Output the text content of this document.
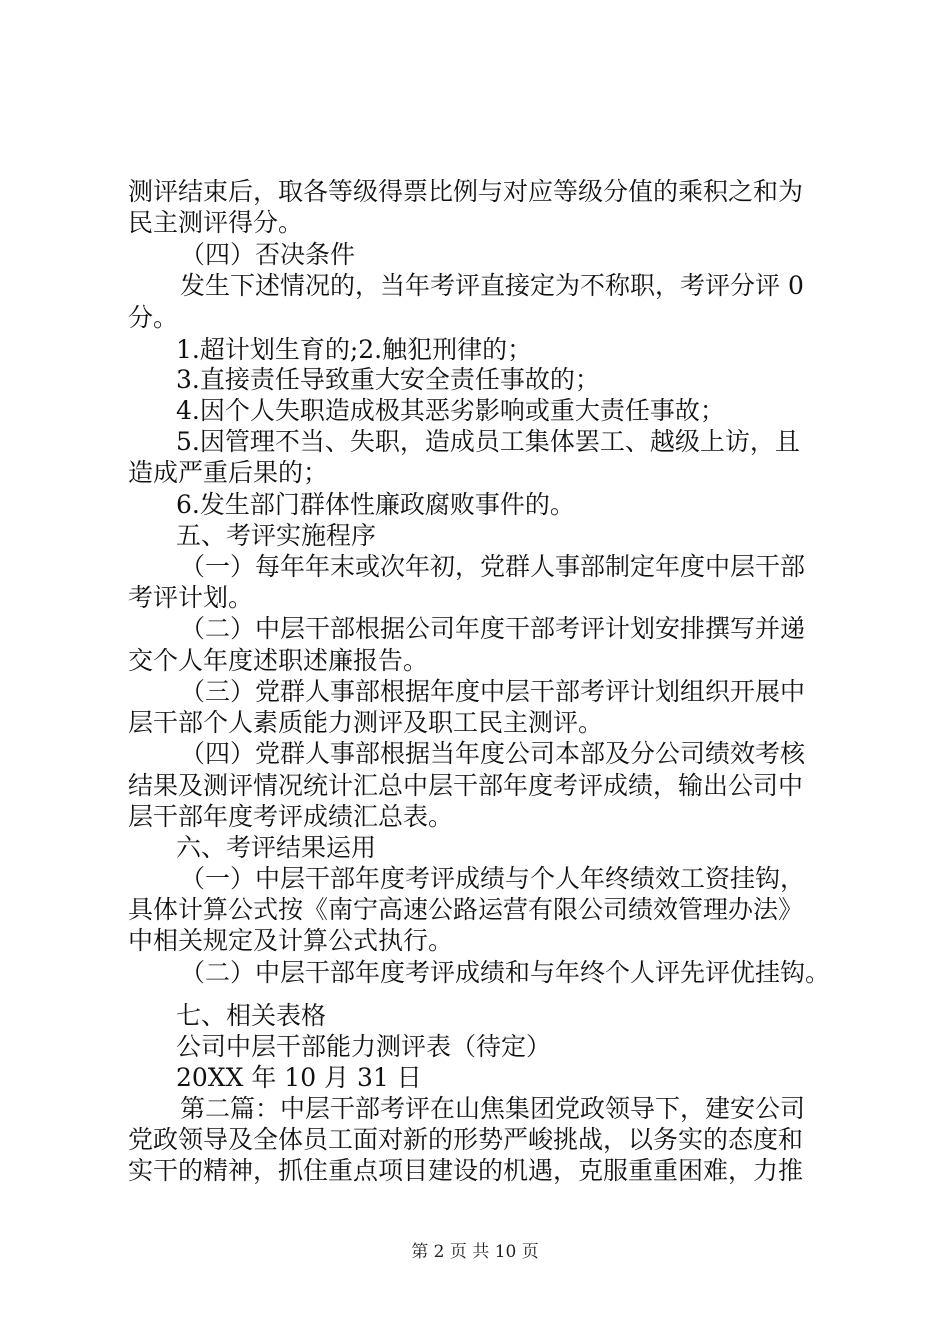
测评结束后，取各等级得票比例与对应等级分值的乘积之和为
民主测评得分。
（四）否决条件
发生下述情况的，当年考评直接定为不称职，考评分评 0
分。
1.超计划生育的;2.触犯刑律的；
3.直接责任导致重大安全责任事故的；
4.因个人失职造成极其恶劣影响或重大责任事故；
5.因管理不当、失职，造成员工集体罢工、越级上访，且
造成严重后果的；
6.发生部门群体性廉政腐败事件的。
五、考评实施程序
（一）每年年末或次年初，党群人事部制定年度中层干部
考评计划。
（二）中层干部根据公司年度干部考评计划安排撰写并递
交个人年度述职述廉报告。
（三）党群人事部根据年度中层干部考评计划组织开展中
层干部个人素质能力测评及职工民主测评。
（四）党群人事部根据当年度公司本部及分公司绩效考核
结果及测评情况统计汇总中层干部年度考评成绩，输出公司中
层干部年度考评成绩汇总表。
六、考评结果运用
（一）中层干部年度考评成绩与个人年终绩效工资挂钩，
具体计算公式按《南宁高速公路运营有限公司绩效管理办法》
中相关规定及计算公式执行。
（二）中层干部年度考评成绩和与年终个人评先评优挂钩。
七、相关表格
公司中层干部能力测评表（待定）
20XX 年 10 月 31 日
第二篇：中层干部考评在山焦集团党政领导下，建安公司
党政领导及全体员工面对新的形势严峻挑战，以务实的态度和
实干的精神，抓住重点项目建设的机遇，克服重重困难，力推
第 2 页 共 10 页
